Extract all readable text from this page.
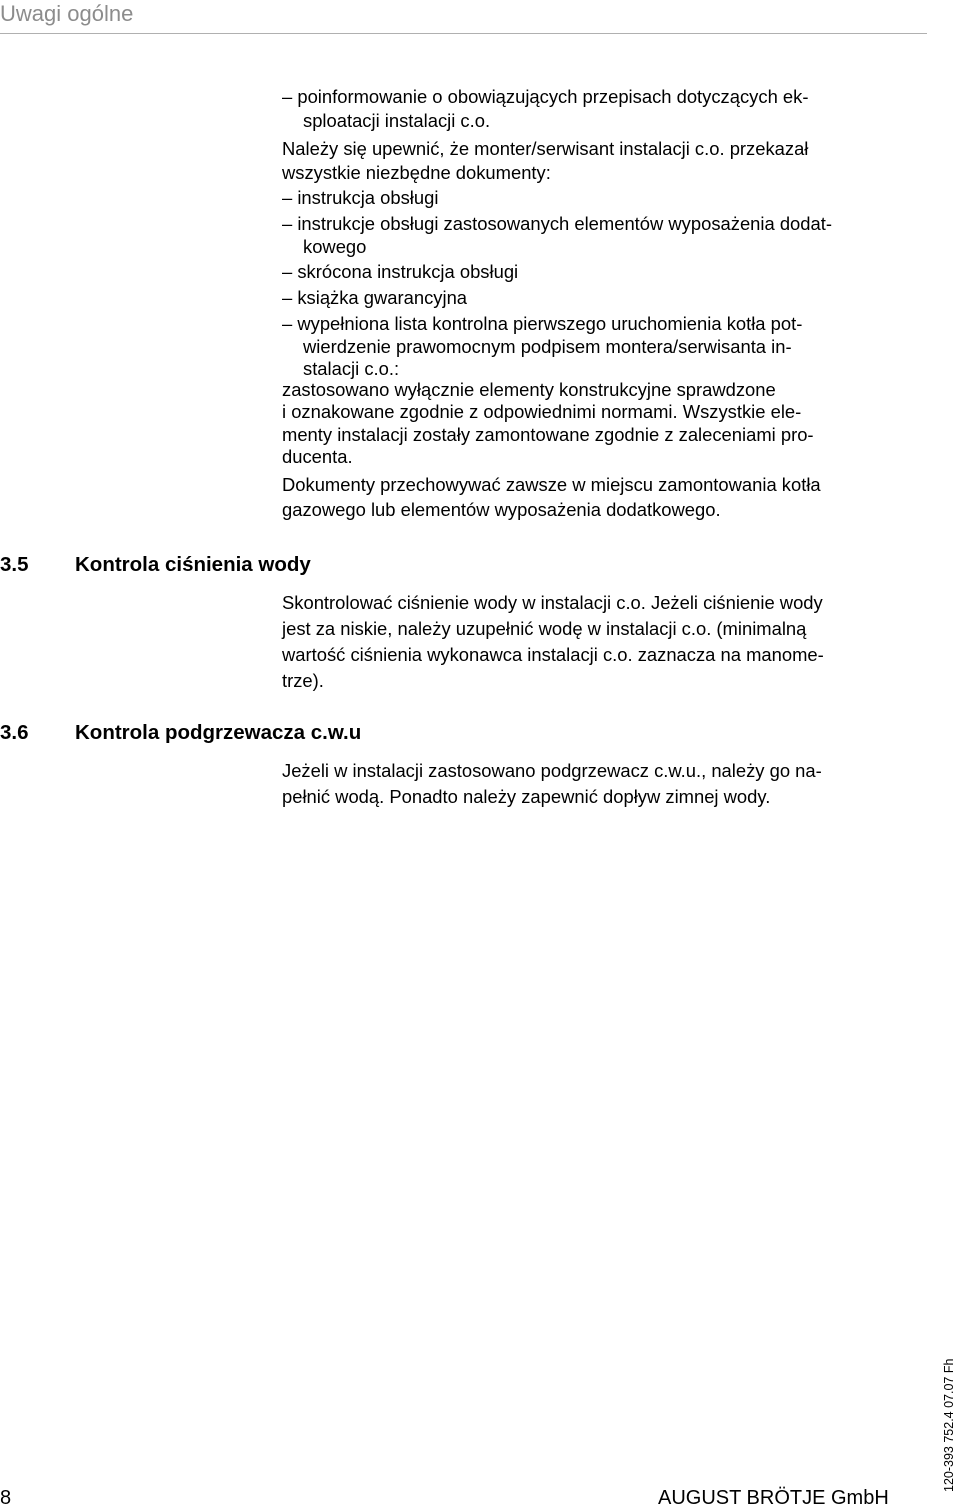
Uwagi ogólne
– poinformowanie o obowiązujących przepisach dotyczących ek-
sploatacji instalacji c.o.
Należy się upewnić, że monter/serwisant instalacji c.o. przekazał
wszystkie niezbędne dokumenty:
– instrukcja obsługi
– instrukcje obsługi zastosowanych elementów wyposażenia dodat-
kowego
– skrócona instrukcja obsługi
– książka gwarancyjna
– wypełniona lista kontrolna pierwszego uruchomienia kotła pot-
wierdzenie prawomocnym podpisem montera/serwisanta in-
stalacji c.o.:
zastosowano wyłącznie elementy konstrukcyjne sprawdzone
i oznakowane zgodnie z odpowiednimi normami. Wszystkie ele-
menty instalacji zostały zamontowane zgodnie z zaleceniami pro-
ducenta.
Dokumenty przechowywać zawsze w miejscu zamontowania kotła
gazowego lub elementów wyposażenia dodatkowego.
3.5 Kontrola ciśnienia wody
Skontrolować ciśnienie wody w instalacji c.o. Jeżeli ciśnienie wody
jest za niskie, należy uzupełnić wodę w instalacji c.o. (minimalną
wartość ciśnienia wykonawca instalacji c.o. zaznacza na manome-
trze).
3.6 Kontrola podgrzewacza c.w.u
Jeżeli w instalacji zastosowano podgrzewacz c.w.u., należy go na-
pełnić wodą. Ponadto należy zapewnić dopływ zimnej wody.
120-393 752.4 07.07 Fh
8	AUGUST BRÖTJE GmbH
